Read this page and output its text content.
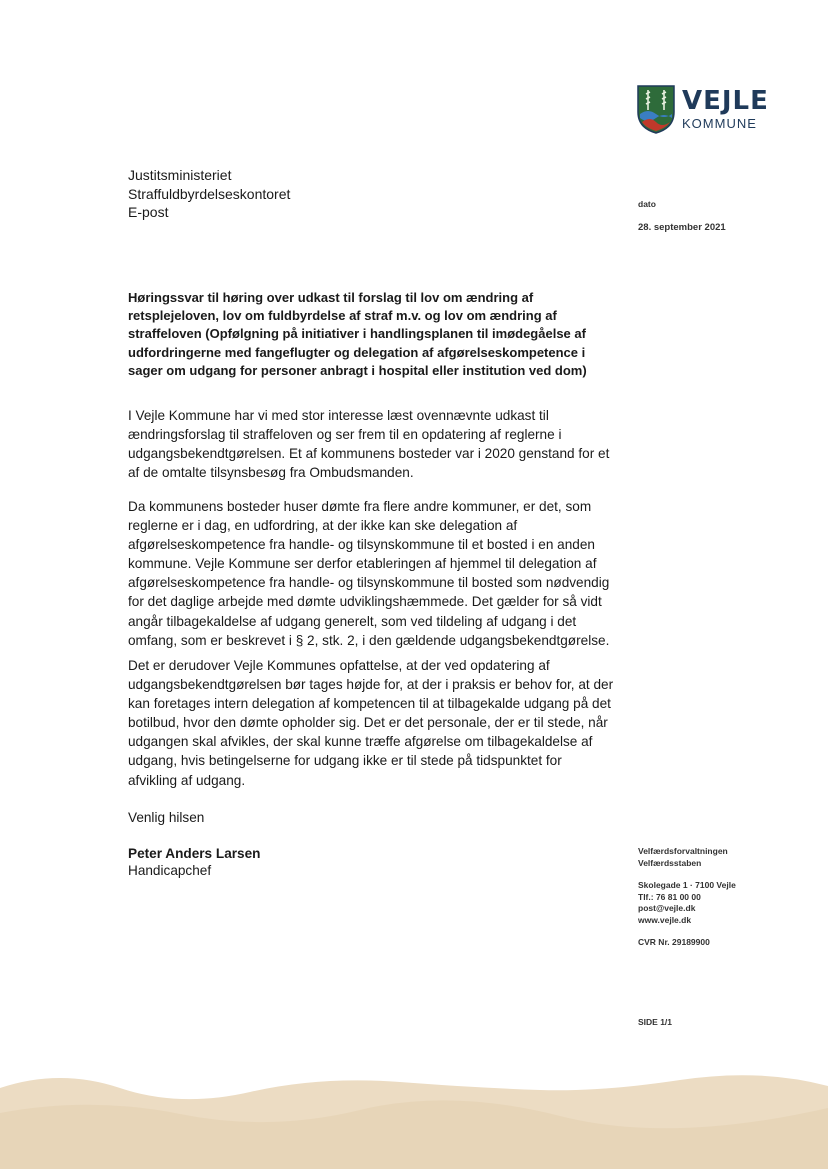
VEJLE
KOMMUNE
Justitsministeriet
Straffuldbyrdelseskontoret
E-post	dato
28. september 2021
Høringssvar til høring over udkast til forslag til lov om ændring af
retsplejeloven, lov om fuldbyrdelse af straf m.v. og lov om ændring af
straffeloven (Opfølgning på initiativer i handlingsplanen til imødegåelse af
udfordringerne med fangeflugter og delegation af afgørelseskompetence i
sager om udgang for personer anbragt i hospital eller institution ved dom)
I Vejle Kommune har vi med stor interesse læst ovennævnte udkast til
ændringsforslag til straffeloven og ser frem til en opdatering af reglerne i
udgangsbekendtgørelsen. Et af kommunens bosteder var i 2020 genstand for et
af de omtalte tilsynsbesøg fra Ombudsmanden.
Da kommunens bosteder huser dømte fra flere andre kommuner, er det, som
reglerne er i dag, en udfordring, at der ikke kan ske delegation af
afgørelseskompetence fra handle- og tilsynskommune til et bosted i en anden
kommune. Vejle Kommune ser derfor etableringen af hjemmel til delegation af
afgørelseskompetence fra handle- og tilsynskommune til bosted som nødvendig
for det daglige arbejde med dømte udviklingshæmmede. Det gælder for så vidt
angår tilbagekaldelse af udgang generelt, som ved tildeling af udgang i det
omfang, som er beskrevet i § 2, stk. 2, i den gældende udgangsbekendtgørelse.
Det er derudover Vejle Kommunes opfattelse, at der ved opdatering af
udgangsbekendtgørelsen bør tages højde for, at der i praksis er behov for, at der
kan foretages intern delegation af kompetencen til at tilbagekalde udgang på det
botilbud, hvor den dømte opholder sig. Det er det personale, der er til stede, når
udgangen skal afvikles, der skal kunne træffe afgørelse om tilbagekaldelse af
udgang, hvis betingelserne for udgang ikke er til stede på tidspunktet for
afvikling af udgang.
Venlig hilsen
Peter Anders Larsen
Handicapchef
Velfærdsforvaltningen
Velfærdsstaben
Skolegade 1 · 7100 Vejle
Tlf.: 76 81 00 00
post@vejle.dk
www.vejle.dk
CVR Nr. 29189900
SIDE 1/1
